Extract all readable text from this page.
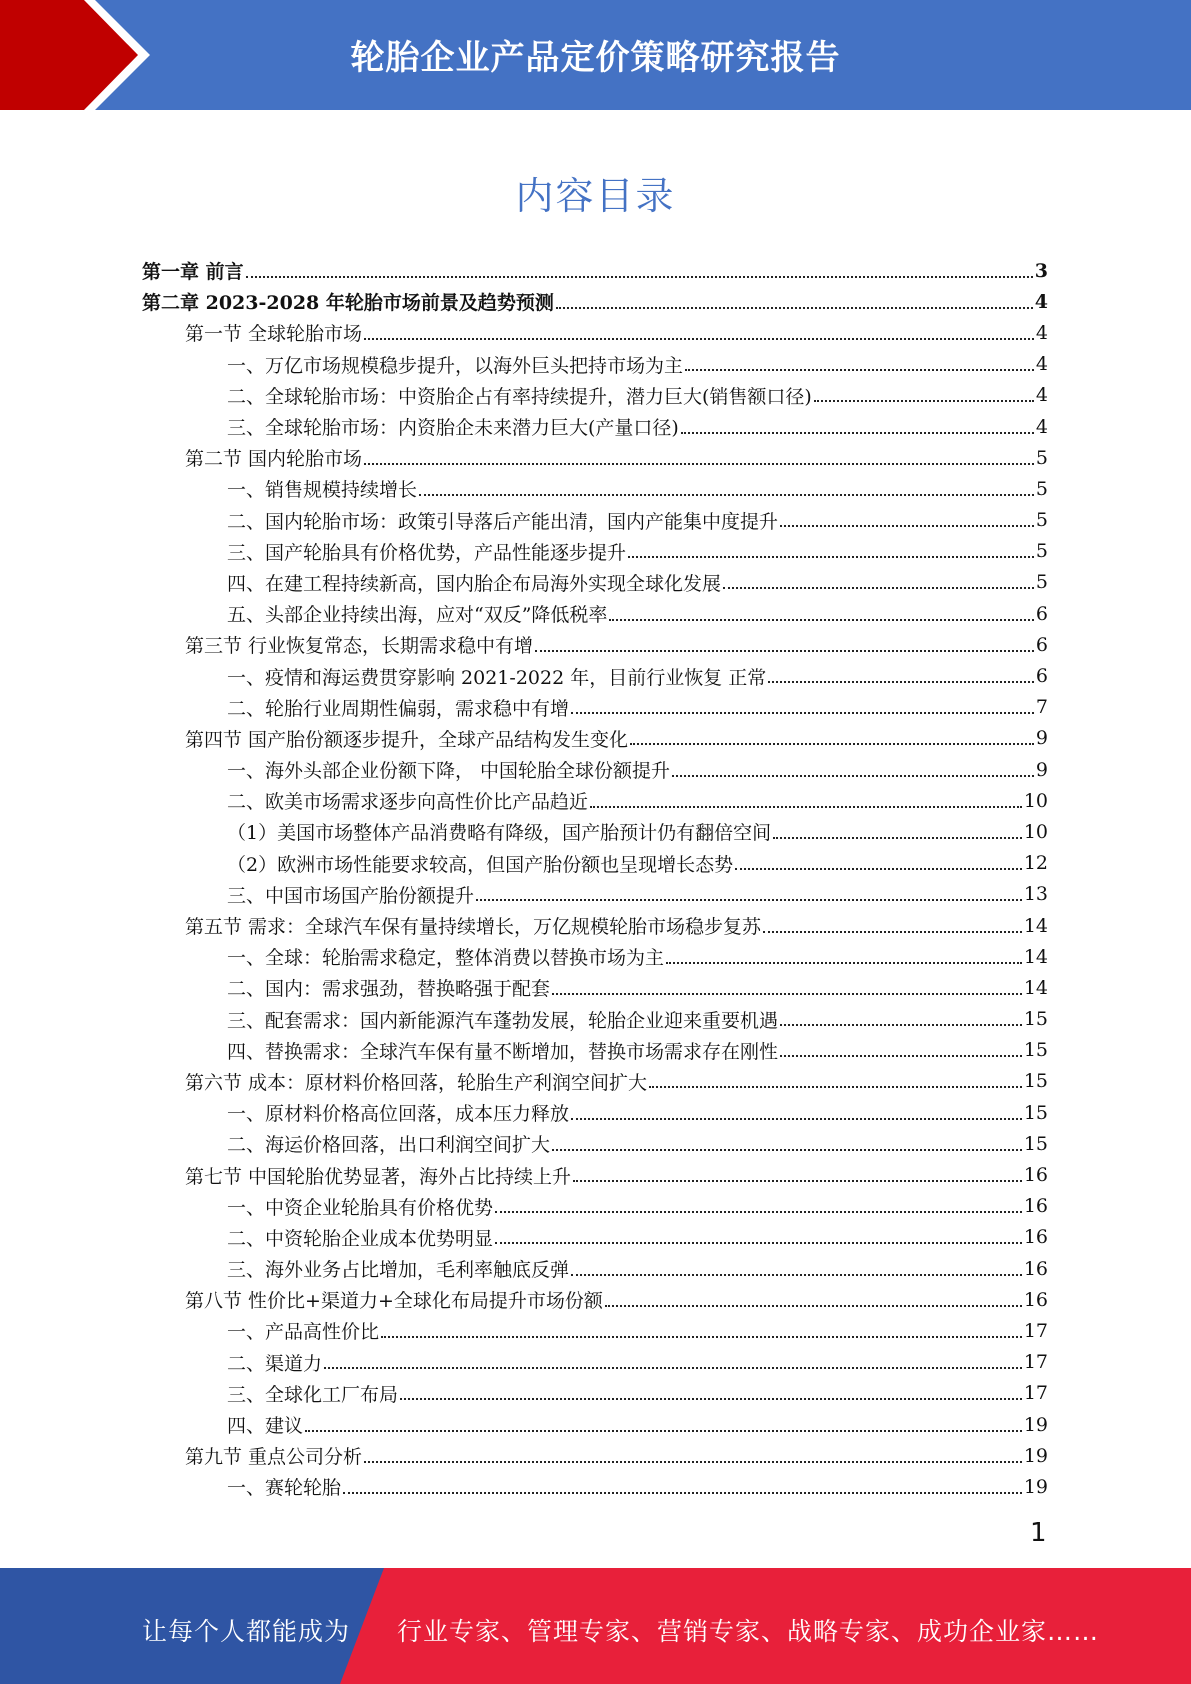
轮胎企业产品定价策略研究报告
内容目录
第一章 前言	3
第二章 2023-2028 年轮胎市场前景及趋势预测	4
第一节 全球轮胎市场	4
一、万亿市场规模稳步提升，以海外巨头把持市场为主	4
二、全球轮胎市场：中资胎企占有率持续提升，潜力巨大(销售额口径)	4
三、全球轮胎市场：内资胎企未来潜力巨大(产量口径)	4
第二节 国内轮胎市场	5
一、销售规模持续增长	5
二、国内轮胎市场：政策引导落后产能出清，国内产能集中度提升	5
三、国产轮胎具有价格优势，产品性能逐步提升	5
四、在建工程持续新高，国内胎企布局海外实现全球化发展	5
五、头部企业持续出海，应对“双反”降低税率	6
第三节 行业恢复常态，长期需求稳中有增	6
一、疫情和海运费贯穿影响 2021-2022 年，目前行业恢复 正常	6
二、轮胎行业周期性偏弱，需求稳中有增	7
第四节 国产胎份额逐步提升，全球产品结构发生变化	9
一、海外头部企业份额下降， 中国轮胎全球份额提升	9
二、欧美市场需求逐步向高性价比产品趋近	10
（1）美国市场整体产品消费略有降级，国产胎预计仍有翻倍空间	10
（2）欧洲市场性能要求较高，但国产胎份额也呈现增长态势	12
三、中国市场国产胎份额提升	13
第五节 需求：全球汽车保有量持续增长，万亿规模轮胎市场稳步复苏	14
一、全球：轮胎需求稳定，整体消费以替换市场为主	14
二、国内：需求强劲，替换略强于配套	14
三、配套需求：国内新能源汽车蓬勃发展，轮胎企业迎来重要机遇	15
四、替换需求：全球汽车保有量不断增加，替换市场需求存在刚性	15
第六节 成本：原材料价格回落，轮胎生产利润空间扩大	15
一、原材料价格高位回落，成本压力释放	15
二、海运价格回落，出口利润空间扩大	15
第七节 中国轮胎优势显著，海外占比持续上升	16
一、中资企业轮胎具有价格优势	16
二、中资轮胎企业成本优势明显	16
三、海外业务占比增加，毛利率触底反弹	16
第八节 性价比+渠道力+全球化布局提升市场份额	16
一、产品高性价比	17
二、渠道力	17
三、全球化工厂布局	17
四、建议	19
第九节 重点公司分析	19
一、赛轮轮胎	19
1
让每个人都能成为 行业专家、管理专家、营销专家、战略专家、成功企业家……
